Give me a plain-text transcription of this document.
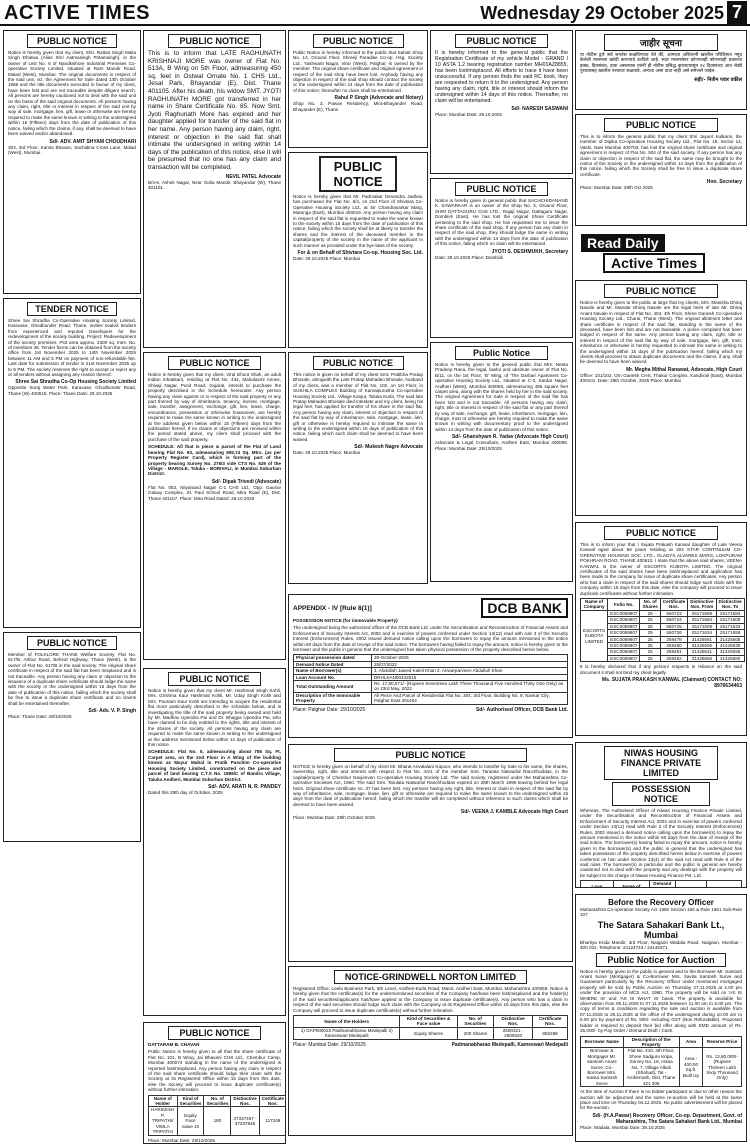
ACTIVE TIMES	Wednesday 29 October 2025 7
PUBLIC NOTICE

Notice is hereby given that my client, Shri. Rattan Singh Malia Singh Dhatwa (Alias Shri Aatmasingh Pritamsingh), is the owner of Unit No. 8 of Nandkishore Industrial Premises Co-operative Society Limited, situated at Ram Mandir Road, Malad (West), Mumbai. The original documents in respect of the said unit, viz. the Agreement for Sale dated 14th October 1966 and the title documents executed in favour of my client, have been lost and are not traceable despite diligent search. All persons are hereby cautioned not to deal with the said unit on the basis of the said original documents. All persons having any claim, right, title or interest in respect of the said unit by way of sale, mortgage, lien, gift, lease or otherwise are hereby required to make the same known in writing to the undersigned within 15 (Fifteen) days from the date of publication of this notice, failing which the claims, if any, shall be deemed to have been waived and/or abandoned.

Sd/- ADV. AMIT SHYAM CHOUDHARI

303, 3rd Floor, Kamla Bhavan, Sachidina Cross Lane, Malad (West), Mumbai.

TENDER NOTICE

Shree Sai Shradha Co-Operative Housing Society Limited, Karavase, Ghodbunder Road, Thane, invites sealed tenders from experienced and reputed Developers for the redevelopment of the society building. Project: Redevelopment of the society premises. Plot area approx. 2300 sq. mtrs. No. of members 48. Tender forms can be obtained from the society office from 1st November 2025 to 14th November 2025 between 11 AM and 5 PM on payment of non-refundable fee. Last date for submission of tender is 21st November 2025 up to 5 PM. The society reserves the right to accept or reject any or all tenders without assigning any reason thereof.

Shree Sai Shradha Co-Op Housing Society Limited

Opposite Suraj Water Park, Karavase, Ghodbunder Road, Thane (W) 400615. Place: Thane Date: 29.10.2025

PUBLIC NOTICE

Member of FOLKLORE THANE Welfare Society, Flat No. 617/B, Arthur Road, Behind Highway, Thane (West), is the owner of Flat No. 617/B in the said society. The original share certificate in respect of the said flat has been misplaced and is not traceable. Any person having any claim or objection to the issuance of a duplicate share certificate should lodge the same with the society or the undersigned within 15 days from the date of publication of this notice, failing which the society shall be free to issue a duplicate share certificate and no claims shall be entertained thereafter.

Sd/- Adv. V. P. Singh

Place: Thane Date: 29/10/2025

PUBLIC NOTICE

This is to inform that LATE RAGHUNATH KRISHNAJI MORE was owner of Flat No. 513A, B Wing on 5th Floor, admeasuring 450 sq. feet in Ostwal Ornate No. 1 CHS Ltd., Jesal Park, Bhayandar (E), Dist. Thane 401105. After his death, his widow SMT. JYOTI RAGHUNATH MORE got transferred in her name in Share Certificate No. 85. Now Smt. Jyoti Raghunath More has expired and her daughter applied for transfer of the said flat in her name. Any person having any claim, right, interest or objection in the said flat shall intimate the undersigned in writing within 14 days of the publication of this notice, else it will be presumed that no one has any claim and transaction will be completed.

NEVIL PATEL Advocate

B/4-6, Ashok Nagar, Near Golia Mandir, Bhayandar (W), Thane 401101.

PUBLIC NOTICE

Notice is hereby given that my client, Viral Dhoot Shah, an adult Indian Inhabitant, residing at Flat No. 434, Mahalaxmi Annex, Shivaji Nagar, Punit Road, Gujarat, intends to purchase the property described in the Schedule hereunder. Any person having any claim against or in respect of the said property or any part thereof by way of inheritance, tenancy, license, mortgage, sale, transfer, assignment, exchange, gift, lien, lease, charge, encumbrance, possession or otherwise howsoever, are hereby required to make the same known in writing to the undersigned at the address given below within 15 (Fifteen) days from the publication hereof. If no claims or objections are received within the period stated above, my client shall proceed with the purchase of the said property.

SCHEDULE: All that is piece & parcel of the Flat of Land bearing Flat No. 93, admeasuring 605.74 Sq. Mtrs. (as per Property Register Card), which is forming part of the property bearing Survey No. 276/3 vide CTS No. 529 of the Village - MAROLE, Taluka - BORIVALI, in Mumbai Suburban District.

Sd/- Dipak Trivedi (Advocate)

Flat No. 053, Nityanand Nagar C-1 CHS Ltd., Opp. Gaurav Galaxy Complex, St. Paul School Road, Mira Road (E), Dist. Thane 401107. Place: Mira Road Dated: 29.10.2025

PUBLIC NOTICE

Public Notice is hereby informed to the public that Sahak Shop No. 14, Ground Floor, Shreeji Paradise Co-op. Hsg. Society Ltd., Yashwant Nagar, Virar (West), Palghar, is owned by the member. The original share certificate and original agreement in respect of the said shop have been lost. Anybody having any objection in respect of the said shop should contact the society or the undersigned within 14 days from the date of publication of this notice; thereafter no claim shall be entertained.

Rahul P Singh (Advocate and Notary)

Shop No. 3, Pawan Residency, Mira-Bhayander Road, Bhayander (E), Thane.

PUBLIC NOTICE

Notice is hereby given that Mr. Padmakar Devendra Jadhav, has purchased the Flat No. 6/4, on 2nd Floor of Shivtara Co-Operative Housing Society Ltd., at Sir Chandravarkar Marg, Matunga (East), Mumbai 400019. Any person having any claim in respect of the said flat is requested to make the same known to the society within 15 days from the date of publication of this notice, failing which the society shall be at liberty to transfer the shares and the interest of the deceased member in the capital/property of the society in the name of the applicant in such manner as provided under the bye-laws of the society.

For & on Behalf of Shivtara Co-op. Housing Soc. Ltd.

Date: 29.10.2025 Place: Mumbai

PUBLIC NOTICE

This notice is given on behalf of my client Smt. Pratibha Pratap Bhosale, alongwith the Late Pratap Mahadeo Bhosale, husband of my client, was a member of Flat No. 102, on 1st Floor, in SUSHILA COMPLEX Building of Kamalpurusha Co-operative Housing Society Ltd., Village Kanjur, Taluka Kurla. The said late Pratap Mahadeo Bhosale died intestate and my client, being his legal heir, has applied for transfer of his share in the said flat. Any person having any claim, interest or objection in respect of the said flat by way of inheritance, sale, mortgage, lease, lien, gift or otherwise is hereby required to intimate the same in writing to the undersigned within 15 days of publication of this notice, failing which such claim shall be deemed to have been waived.

Sd/- Mukesh Nagre Advocate

Date: 29.10.2025 Place: Mumbai

PUBLIC NOTICE

It is hereby informed to the general public that the Registration Certificate of my vehicle Model - GRAND I 10 ASTA 1.2 bearing registration number MH01AZ8855, has been lost/misplaced. All efforts to trace it have been unsuccessful. If any person finds the said RC book, they are requested to return it to the undersigned. Any person having any claim, right, title or interest should inform the undersigned within 14 days of this notice. Thereafter, no claim will be entertained.

Sd/- NARESH SASWANI

Place: Mumbai Date: 29.10.2025

PUBLIC NOTICE

Notice is hereby given to general public that SACHCHIDANAND K. SAWARKAR is an owner of the Shop No. 3, Ground Floor, SHRI DATTAGURU CHS LTD., Rajaji Nagar, Dattaguru Nagar, Dombivli (East). He has lost the original Share Certificate pertaining to the said shop. He has requested me to issue the share certificate of the said shop. If any person has any claim in respect of the said shop, they should lodge the same in writing with the undersigned within 14 days from the date of publication of this notice, failing which no claim will be entertained.

JYOTI S. DESHMUKH, Secretary

Date: 29.10.2025 Place: Dombivli

Public Notice

Notice is hereby given to the general public that Mrs. Neeta Pradeep Rana, the legal, lawful and absolute owner of Flat No. B/11, on the 1st Floor, 'B' Wing, of 'The Darbari Apartment Co-operative Housing Society Ltd., situated at C-3, Sardar Nagar, Andheri (West), Mumbai 400058, admeasuring 496 square feet carpet area, along with the shares held by her in the said society. The original Agreement for Sale in respect of the said flat has been lost and is not traceable. All persons having any claim, right, title or interest in respect of the said flat or any part thereof by way of sale, exchange, gift, lease, inheritance, mortgage, lien, charge, trust or otherwise are hereby required to make the same known in writing with documentary proof to the undersigned within 14 days from the date of publication of this notice.

Sd/- Ghanshyam R. Yadav (Advocate High Court)

Advocate & Legal Consultant, Andheri East, Mumbai 400069. Place: Mumbai Date: 29/10/2025

जाहीर सूचना

या नोटीस द्वारे सर्व जनतेस कळविण्यात येते की, आमच्या अशिलांनी खालील परिशिष्टात नमूद केलेली मालमत्ता खरेदी करण्याचे ठरविले आहे. सदर मालमत्तेवर कोणाचाही कोणत्याही प्रकारचा हक्क, हितसंबंध, दावा असल्यास त्यांनी ही नोटीस प्रसिद्ध झाल्यापासून १४ दिवसांच्या आत लेखी पुराव्यासह खालील पत्त्यावर कळवावे, अन्यथा असा दावा नाही असे समजले जाईल.

सही/- नितीन पवार वकील
PUBLIC NOTICE

This is to inform the general public that my client Shri Jayant Kulkarni, the member of Dipika Co-operative Housing Society Ltd., Plot No. 18, Sector 14, Vashi, Navi Mumbai 400703, has lost the original share certificate and original agreement in respect of Flat No. 504 of the said society. If any person has any claim or objection in respect of the said flat, the same may be brought to the notice of the Society or the undersigned within 14 days from the publication of this notice, failing which the Society shall be free to issue a duplicate share certificate.

Hon. Secretary

Place: Mumbai Date: 29th Oct 2025

Read Daily
Active Times
PUBLIC NOTICE

Notice is hereby given to the public at large that my clients, Mrs. Manisha Dhiraj Navale and Mr. Mandar Dhiraj Navale are the legal heirs of late Mr. Dhiraj Anant Navale in respect of Flat No. 404, 4th Floor, Shree Ganesh Co-operative Housing Society Ltd., Charai, Thane (West). The original allotment letter and share certificate in respect of the said flat, standing in the name of the deceased, have been lost and are not traceable. A police complaint has been lodged in respect of the same. Any person having any claim, right, title or interest in respect of the said flat by way of sale, mortgage, lien, gift, trust, inheritance or otherwise is hereby requested to intimate the same in writing to the undersigned within 15 days of the publication hereof, failing which my clients shall proceed to obtain duplicate documents and the claims, if any, shall be deemed to have been waived.

Mr. Megha Mithal Ranawat, Advocate, High Court

Office: 101/102, Om Ganesh CHS, Thakur Complex, Kandivali (East), Mumbai 400101. Date: 28th October, 2025 Place: Mumbai

PUBLIC NOTICE

This is to inform your that I Sujata Prakash Kanwal daughter of Late Veena Kanwal aged about 56 years residing at 303 STAR CONTINUUM CO-OPERATIVE HOUSING SOC. LTD., GLADYS ALVARES MARG, LOKPURAM POKHRAN ROAD, THANE 400610. I state that the above said shares, VEENA KANWAL is the owner of ESCORTS KUBOTA LIMITED. The original certificates of the said shares have been lost/misplaced and application has been made to the company for issue of duplicate share certificates. Any person who has a claim in respect of the said shares should lodge such claim with the company within 15 days from this date, else the company will proceed to issue duplicate certificates without further intimation.

Name of Company	Folio No.	No. of Shares	Certificate Nos.	Distinctive Nos. From	Distinctive Nos. To
ESCORTS KUBOTA LIMITED	ESC0059807	25	550723	25171559	25171583
	ESC0059807	25	550724	25171584	25171608
	ESC0059807	25	550725	25171609	25171633
	ESC0059807	25	550726	25171634	25171658
	ESC0059807	25	258478	31425581	31425605
	ESC0059807	25	258480	31425606	31425630
	ESC0059807	25	258481	31425631	31425655
	ESC0059807	25	258482	31425656	31425680

It is hereby declared that if any person/ respects in reliance on the said document it shall not bind my client legally.

Ms. SUJATA PRAKASH KANWAL (Claimant) CONTACT NO: 8976634463
APPENDIX - IV [Rule 8(1)]	DCB BANK

POSSESSION NOTICE (for immovable Property)

The undersigned being the authorized officer of the DCB Bank Ltd. under the Securitisation and Reconstruction of Financial Assets and Enforcement of Security Interest Act, 2002 and in exercise of powers conferred under Section 13(12) read with rule 3 of the Security Interest (Enforcement) Rules, 2002 issued demand notice calling upon the borrowers to repay the amount mentioned in the notice within 60 days from the date of receipt of the said notice. The borrowers having failed to repay the amount, notice is hereby given to the borrower and the public in general that the undersigned has taken physical possession of the property described herein below.

Physical possession dated	29-October-2025
Demand Notice Dated	25/07/2022
Name of Borrower(s)	1. Abdullah Jawed Kaleli Khan 2. Anwarparveen Abdullah Khan
Loan Account No.	DRHLKAN00432515
Total Outstanding Amount	Rs. 17,80,571/- (Rupees Seventeen Lakh Three Thousand Five Hundred Thirty One Only) as on 23rd May, 2022
Description of the Immovable Property	All Piece And Parcel of Residential Flat No. 304, 3rd Floor, Building No. 9, Navkar City, Palghar East 401404
Place: Palghar Date: 29/10/2025	Sd/- Authorised Officer, DCB Bank Ltd.
NIWAS HOUSING FINANCE PRIVATE LIMITED
POSSESSION NOTICE

Whereas, The Authorised Officer of Niwas Housing Finance Private Limited, under the Securitisation and Reconstruction of Financial Assets and Enforcement of Security Interest Act, 2002 and in exercise of powers conferred under Section 13(12) read with Rule 3 of the Security Interest (Enforcement) Rules, 2002 issued a demand notice calling upon the borrower(s) to repay the amount mentioned in the notice within 60 days from the date of receipt of the said notice. The borrower(s) having failed to repay the amount, notice is hereby given to the borrower(s) and the public in general that the undersigned has taken possession of the property described herein below in exercise of powers conferred on him under Section 13(4) of the said Act read with Rule 8 of the said rules. The borrower(s) in particular and the public in general are hereby cautioned not to deal with the property and any dealings with the property will be subject to the charge of Niwas Housing Finance Pvt. Ltd.

Loan	Name of	Demand		

PUBLIC NOTICE

NOTICE is hereby given on behalf of my client Mr. Bharat Anvalalani Kapoor, who intends to transfer by Sale to his name, the shares, ownership, right, title and interest with respect to Flat No. 4A/1 of the member Smt. Tarulata Natwarlal Ranchhoddas, in the capital/property of Chembur Navjeevan Co-operative Housing Society Ltd. The said society, registered under the Maharashtra Co-operative Societies Act, 1960. The said Smt. Tarulata Natwarlal Ranchhoddas expired on 28th March 1996 leaving behind her legal heirs. Original share certificate no. 37 has been lost. Any persons having any right, title, interest or claim in respect of the said flat by way of inheritance, sale, mortgage, lease, lien, gift or otherwise are required to make the same known to the undersigned within 15 days from the date of publication hereof, failing which the transfer will be completed without reference to such claims which shall be deemed to have been waived.

Sd/- VEENA J. KAMBLE Advocate High Court

Place: Mumbai Date: 29th October 2025

NOTICE-GRINDWELL NORTON LIMITED

Registered Office: Leela Business Park, 5th Level, Andheri-Kurla Road, Marol, Andheri East, Mumbai, Maharashtra 400059. Notice is hereby given that the certificate(s) for the undermentioned securities of the Company has/have been lost/misplaced and the holder(s) of the said securities/applicants has/have applied to the Company to issue duplicate certificate(s). Any person who has a claim in respect of the said securities should lodge such claim with the Company at its Registered Office within 15 days from this date, else the Company will proceed to issue duplicate certificate(s) without further intimation.

Name of the Holders	Kind of Securities & Face value	No. of Securities	Distinctive Nos.	Certificate Nos.
1) GAP000023 Padmanabharao Medepalli 2) Kameswari Medepalli	Equity Shares	200 Shares	2500321 - 2500520	882288
Place: Mumbai Date: 29/10/2025	Padmanabharao Medepalli, Kameswari Medepalli
Before the Recovery Officer

Maharashtra Co-operative Society Act 1960 Section 156 & Rule 1961 Sub-Rule 107

The Satara Sahakari Bank Lt., Mumbai

Bhartiya Krida Mandir, 3rd Floor, Naigaon Wadala Road, Naigaon, Mumbai - 400 031. Telephone: 24124743 / 24146371

Public Notice for Auction

Notice is hereby given to the public in general and to the Borrower Mr. Santosh Anant Surve (Mortgager) & Co-Borrower Mrs. Savita Santosh Surve and Guarantors particularly by the Recovery Officer under mentioned mortgaged property will be sold by Public Auction on Thursday 27.11.2025 at 2.00 pm under the provision of MCS Act, 1960. The property will be sold on 'AS IS WHERE IS' and 'AS IS WHAT IS' basis. The property is available for observation from 05.11.2025 to 07.11.2025 between 11.00 am to 5.00 pm. The copy of terms & conditions regarding the sale and auction is available from 07.11.2025 to 25.11.2025 at the office of the undersigned during 10.00 am to 5.00 pm by payment of Rs. 500/- including GST (Non Refundable). Proposed bidder is required to deposit their bid offer along with EMD amount of Rs. 25,000/- by Pay Order / Demand Draft / Cash.

Borrower Name	Description of the Property	Area	Reserve Price
Borrower & Mortgager Mr. Santosh Anant Surve, Co-Borrower Mrs. Savita Santosh Surve	Flat No. 410, 4th Floor, Shree Sadguru Kripa, Survey No. 18, Hissa No. 7, Village Alkali (Shahad), Tal - Ambernath, Dist. Thane 421 306	Area - 400.00 Sq.ft. Built Up	Rs. 13,60,000/- (Rupees Thirteen Lakh Sixty Thousand Only)

At the time of Auction if there is no bidder participant or due to other reason the auction will be adjourned and the same re-auction will be held at the same place and time on Thursday 04.12.2025. No public advertisement will be placed for Re-auction.

Sd/- (H.A.Pawar) Recovery Officer, Co-op. Department, Govt. of Maharashtra, The Satara Sahakari Bank Ltd., Mumbai

Place: Wadala, Mumbai Date: 28.10.2025

PUBLIC NOTICE

Notice is hereby given that my client Mr. Hashmati Singh Kohli, Mrs. Grishma Kaur Hashmati Kohli, Mr. Uday Singh Kohli and Mrs. Poonam Kaur Kohli are intending to acquire the residential flat more particularly described in the schedule below, and is investigating the title of the said property being owned and held by Mr. Madhav Upendra Pai and Dr. Bhagya Upendra Pai, who have claimed to be duly entitled to the rights, title and interest of the shares of the society. All persons having any claim are required to make the same known in writing to the undersigned at the address mentioned below within 14 days of publication of this notice.

SCHEDULE: Flat No. 5, admeasuring about 758 Sq. Ft. Carpet area, on the 2nd Floor in A Wing of the building known as Mayur Mahal in Pratik Paschim Co-operative Housing Society Limited, constructed on the piece and parcel of land bearing C.T.S No. 1896/C of Bandra Village, Taluka Andheri, Mumbai Suburban District.

Sd/- ADV. ARATI N. R. PANDEY

Dated this 29th day of October, 2025

PUBLIC NOTICE

DATTARAM B. CHAVAN

Public Notice is hereby given to all that the share certificate of Flat No. 101, B Wing, Jai Bhavani CHS Ltd., Chembur Camp, Mumbai 400074 standing in the name of the undersigned is reported lost/misplaced. Any person having any claim in respect of the said share certificate should lodge their claim with the Society at its Registered Office within 15 days from this date, else the society will proceed to issue duplicate certificate(s) without further intimation.

Name of Holder	Kind of Securities	No. of Securities	Distinctive Nos.	Certificate Nos.
HARIKESH P. TRIPATHI/ VIMLA TRIPATHI	Equity Face value 10	180	37337467 - 37337646	117249

Place: Mumbai Date: 29/10/2025
